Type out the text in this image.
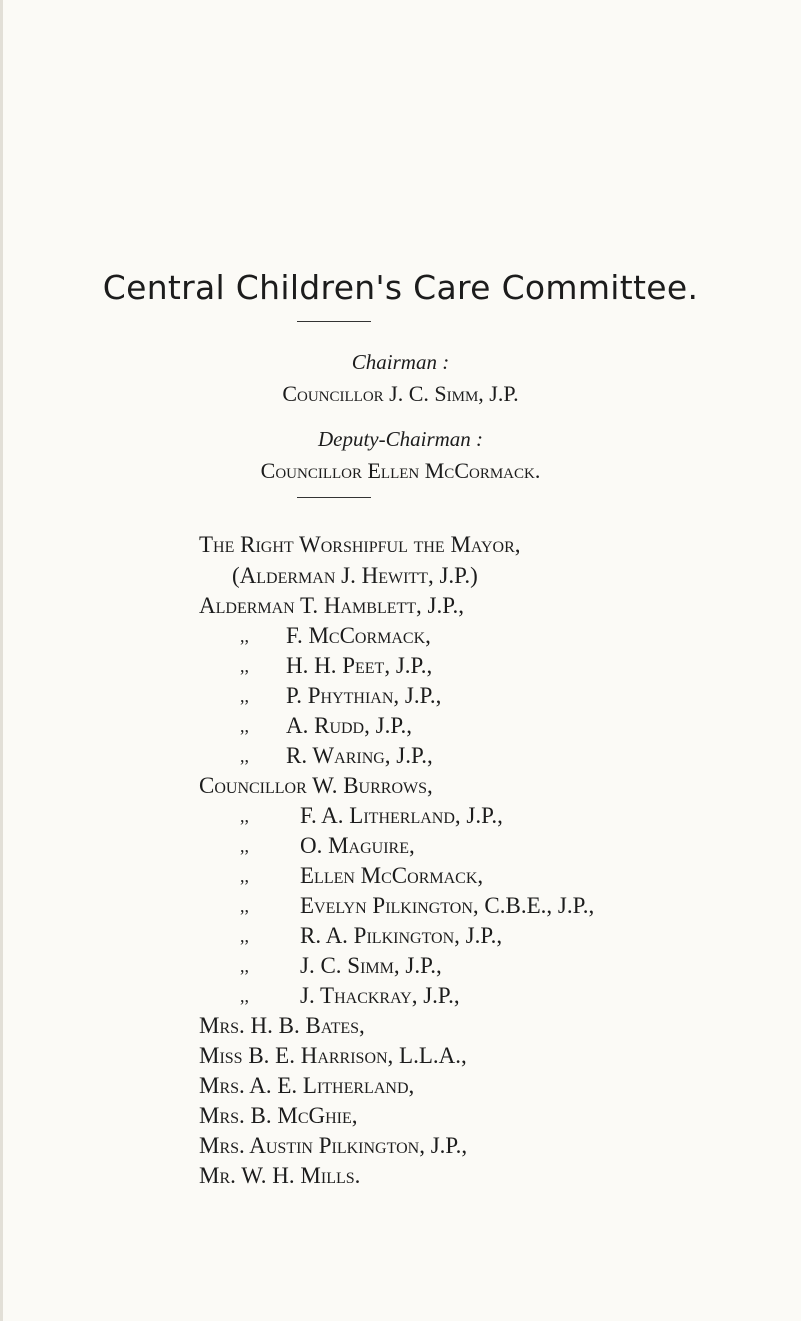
Central Children's Care Committee.
Chairman :
Councillor J. C. Simm, J.P.
Deputy-Chairman :
Councillor Ellen McCormack.
The Right Worshipful the Mayor,
(Alderman J. Hewitt, J.P.)
Alderman T. Hamblett, J.P.,
,, F. McCormack,
,, H. H. Peet, J.P.,
,, P. Phythian, J.P.,
,, A. Rudd, J.P.,
,, R. Waring, J.P.,
Councillor W. Burrows,
,, F. A. Litherland, J.P.,
,, O. Maguire,
,, Ellen McCormack,
,, Evelyn Pilkington, C.B.E., J.P.,
,, R. A. Pilkington, J.P.,
,, J. C. Simm, J.P.,
,, J. Thackray, J.P.,
Mrs. H. B. Bates,
Miss B. E. Harrison, L.L.A.,
Mrs. A. E. Litherland,
Mrs. B. McGhie,
Mrs. Austin Pilkington, J.P.,
Mr. W. H. Mills.
